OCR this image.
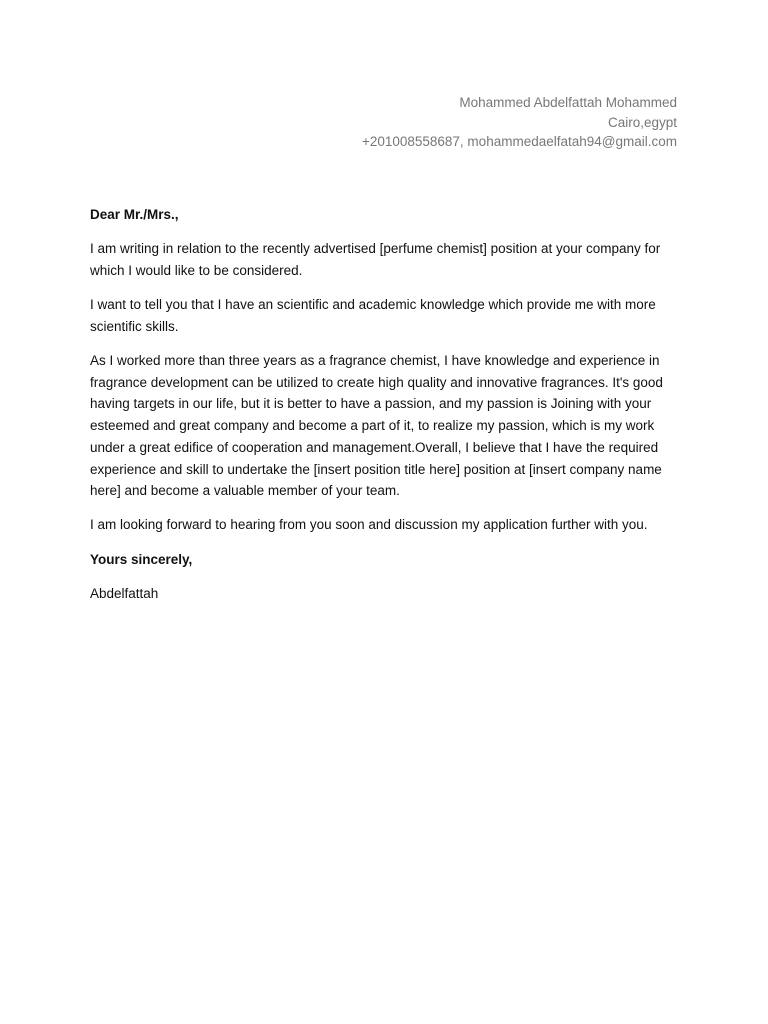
Mohammed Abdelfattah Mohammed
Cairo,egypt
+201008558687, mohammedaelfatah94@gmail.com

Dear Mr./Mrs.,

I am writing in relation to the recently advertised [perfume chemist] position at your company for which I would like to be considered.

I want to tell you that I have an scientific and academic knowledge which provide me with more scientific skills.

As I worked more than three years as a fragrance chemist, I have knowledge and experience in fragrance development can be utilized to create high quality and innovative fragrances. It's good having targets in our life, but it is better to have a passion, and my passion is Joining with your esteemed and great company and become a part of it, to realize my passion, which is my work under a great edifice of cooperation and management.Overall, I believe that I have the required experience and skill to undertake the [insert position title here] position at [insert company name here] and become a valuable member of your team.

I am looking forward to hearing from you soon and discussion my application further with you.

Yours sincerely,

Abdelfattah
